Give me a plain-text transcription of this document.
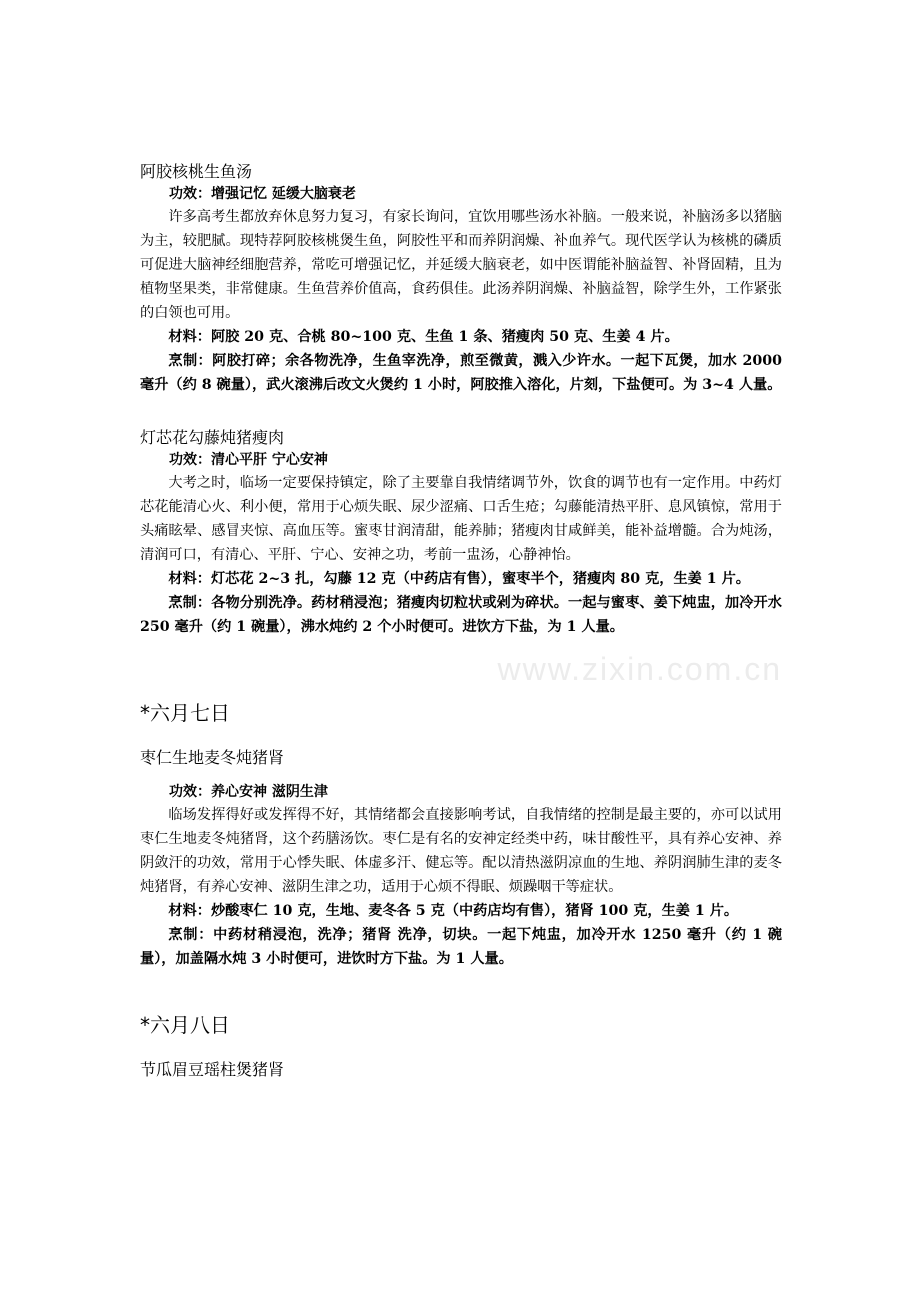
阿胶核桃生鱼汤
功效：增强记忆 延缓大脑衰老

许多高考生都放弃休息努力复习，有家长询问，宜饮用哪些汤水补脑。一般来说，补脑汤多以猪脑为主，较肥腻。现特荐阿胶核桃煲生鱼，阿胶性平和而养阴润燥、补血养气。现代医学认为核桃的磷质可促进大脑神经细胞营养，常吃可增强记忆，并延缓大脑衰老，如中医谓能补脑益智、补肾固精，且为植物坚果类，非常健康。生鱼营养价值高，食药俱佳。此汤养阴润燥、补脑益智，除学生外，工作紧张的白领也可用。

材料：阿胶 20 克、合桃 80~100 克、生鱼 1 条、猪瘦肉 50 克、生姜 4 片。

烹制：阿胶打碎；余各物洗净，生鱼宰洗净，煎至微黄，溅入少许水。一起下瓦煲，加水 2000 毫升（约 8 碗量），武火滚沸后改文火煲约 1 小时，阿胶推入溶化，片刻，下盐便可。为 3~4 人量。

灯芯花勾藤炖猪瘦肉
功效：清心平肝 宁心安神

大考之时，临场一定要保持镇定，除了主要靠自我情绪调节外，饮食的调节也有一定作用。中药灯芯花能清心火、利小便，常用于心烦失眠、尿少涩痛、口舌生疮；勾藤能清热平肝、息风镇惊，常用于头痛眩晕、感冒夹惊、高血压等。蜜枣甘润清甜，能养肺；猪瘦肉甘咸鲜美，能补益增髓。合为炖汤，清润可口，有清心、平肝、宁心、安神之功，考前一盅汤，心静神怡。

材料：灯芯花 2~3 扎，勾藤 12 克（中药店有售），蜜枣半个，猪瘦肉 80 克，生姜 1 片。

烹制：各物分别洗净。药材稍浸泡；猪瘦肉切粒状或剁为碎状。一起与蜜枣、姜下炖盅，加冷开水 250 毫升（约 1 碗量），沸水炖约 2 个小时便可。进饮方下盐，为 1 人量。

www.zixin.com.cn
*六月七日
枣仁生地麦冬炖猪肾
功效：养心安神 滋阴生津

临场发挥得好或发挥得不好，其情绪都会直接影响考试，自我情绪的控制是最主要的，亦可以试用枣仁生地麦冬炖猪肾，这个药膳汤饮。枣仁是有名的安神定经类中药，味甘酸性平，具有养心安神、养阴敛汗的功效，常用于心悸失眠、体虚多汗、健忘等。配以清热滋阴凉血的生地、养阴润肺生津的麦冬炖猪肾，有养心安神、滋阴生津之功，适用于心烦不得眠、烦躁咽干等症状。

材料：炒酸枣仁 10 克，生地、麦冬各 5 克（中药店均有售），猪肾 100 克，生姜 1 片。

烹制：中药材稍浸泡，洗净；猪肾 洗净，切块。一起下炖盅，加冷开水 1250 毫升（约 1 碗量），加盖隔水炖 3 小时便可，进饮时方下盐。为 1 人量。

*六月八日
节瓜眉豆瑶柱煲猪肾
